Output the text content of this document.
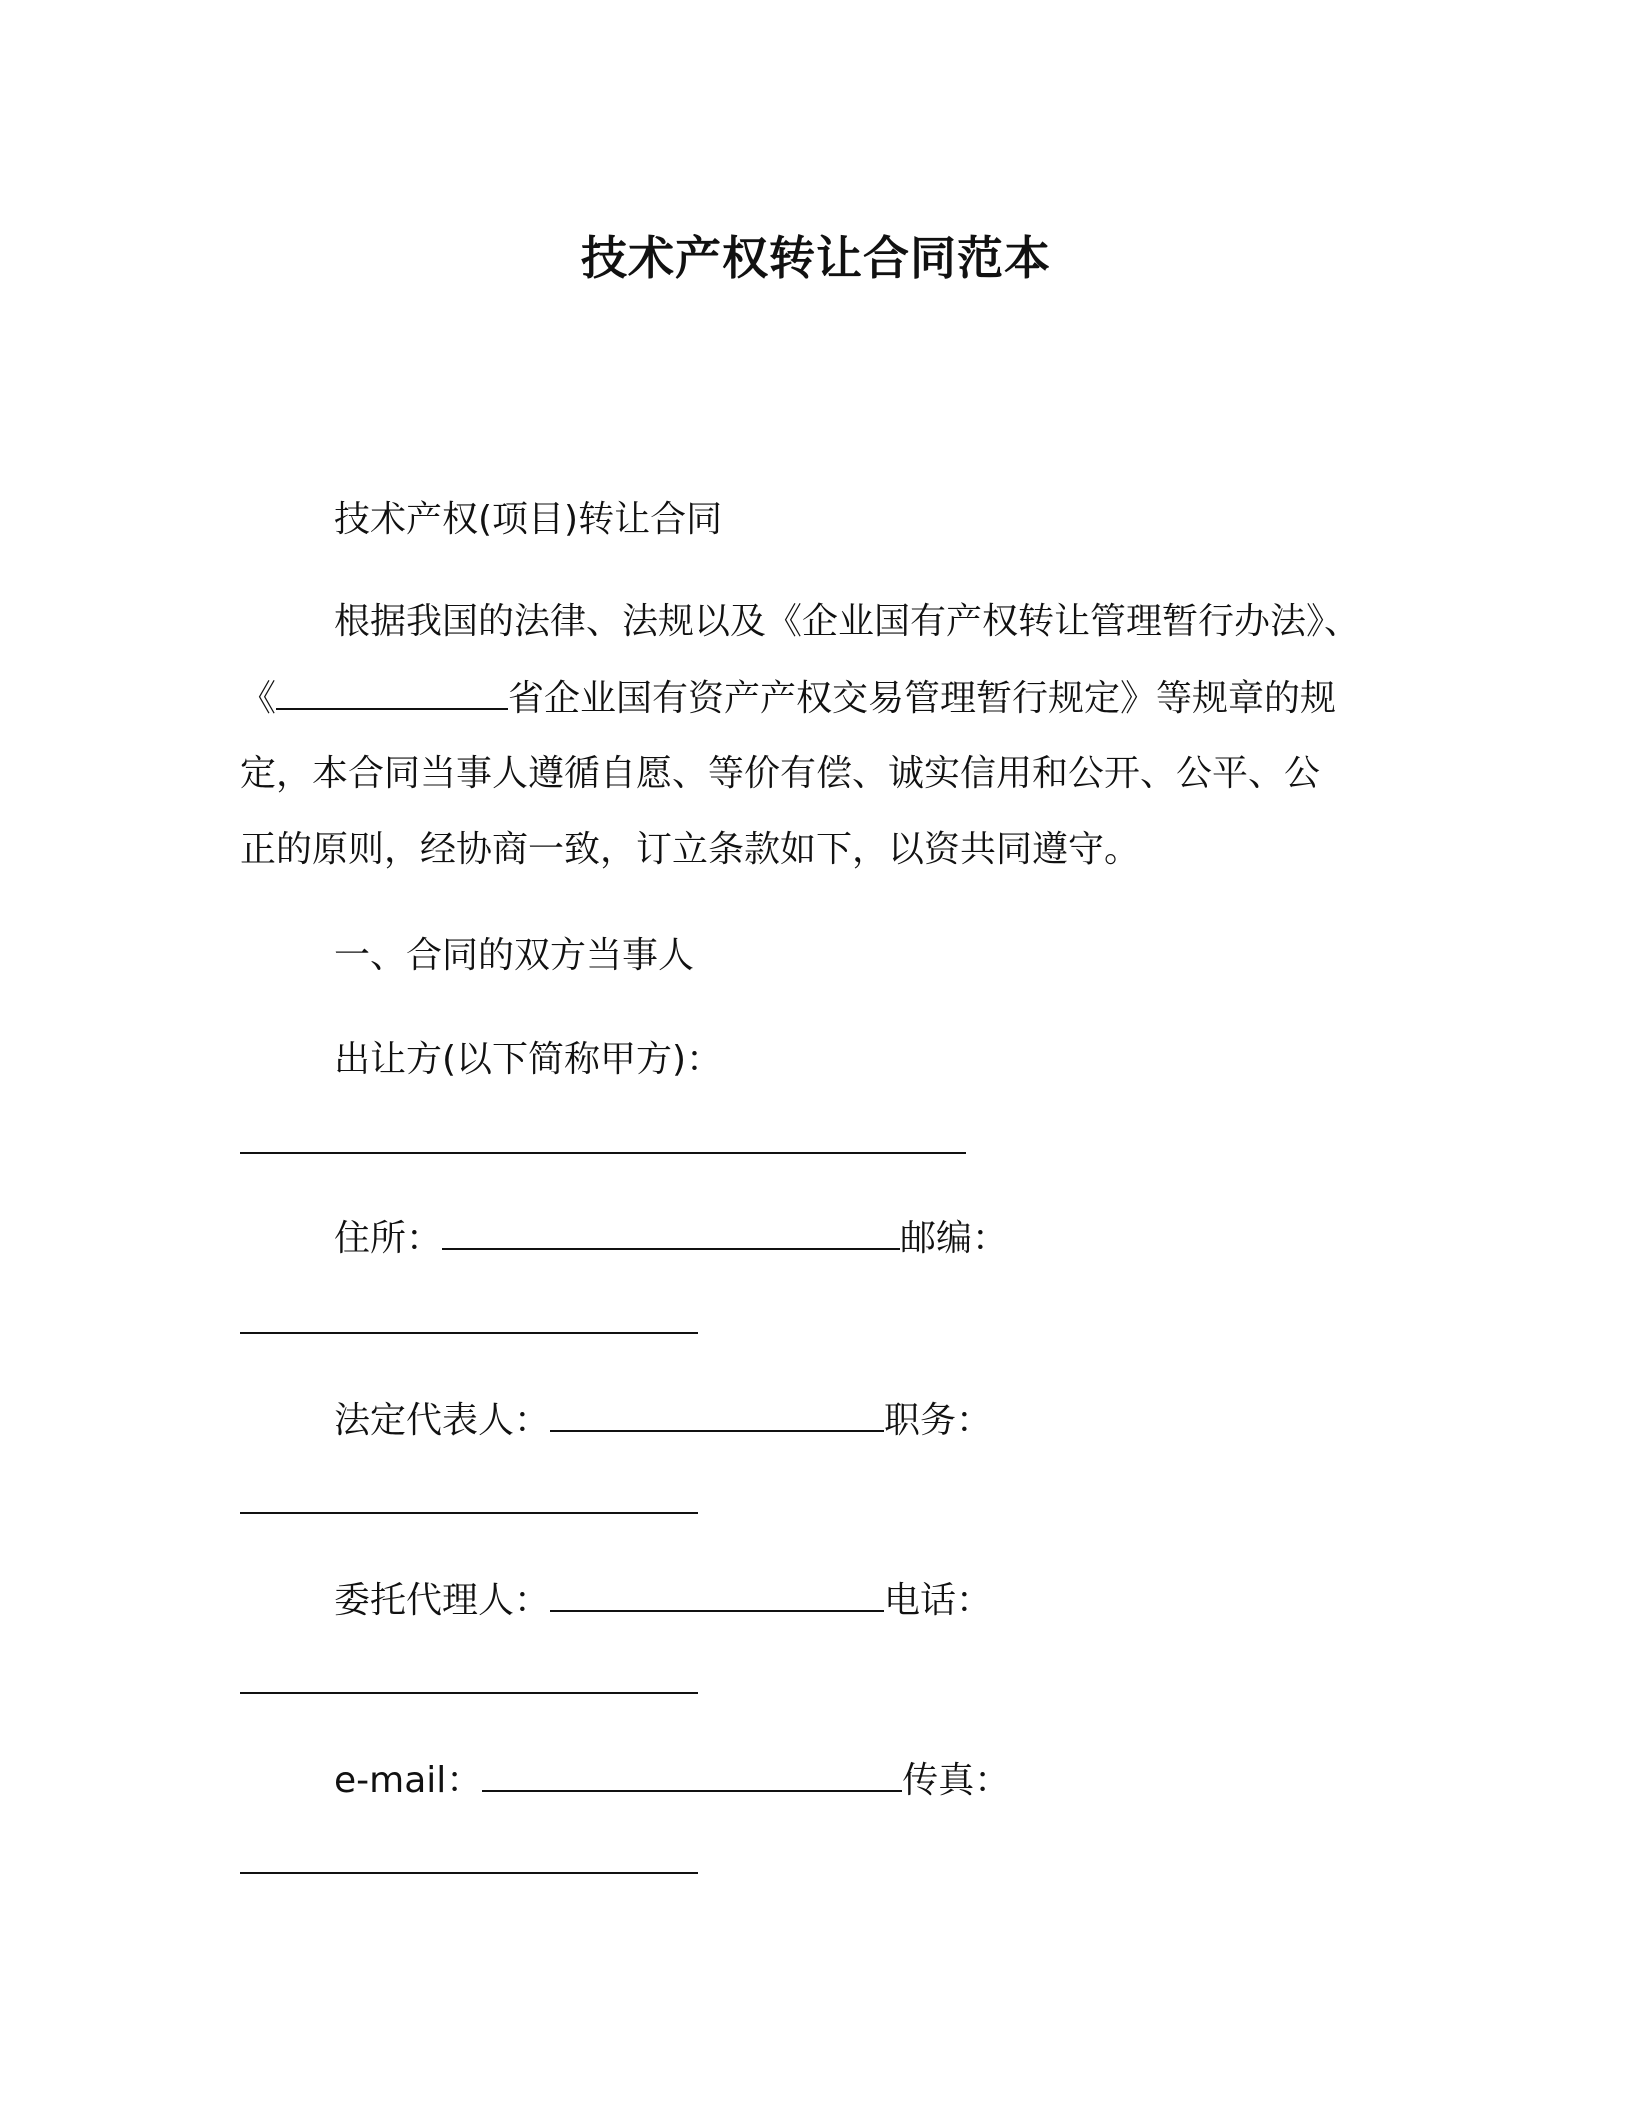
技术产权转让合同范本
技术产权(项目)转让合同
根据我国的法律、法规以及《企业国有产权转让管理暂行办法》、
《	省企业国有资产产权交易管理暂行规定》等规章的规
定，本合同当事人遵循自愿、等价有偿、诚实信用和公开、公平、公
正的原则，经协商一致，订立条款如下，以资共同遵守。
一、合同的双方当事人
出让方(以下简称甲方)：
住所：	邮编：
法定代表人：	职务：
委托代理人：	电话：
e-mail：	传真：
